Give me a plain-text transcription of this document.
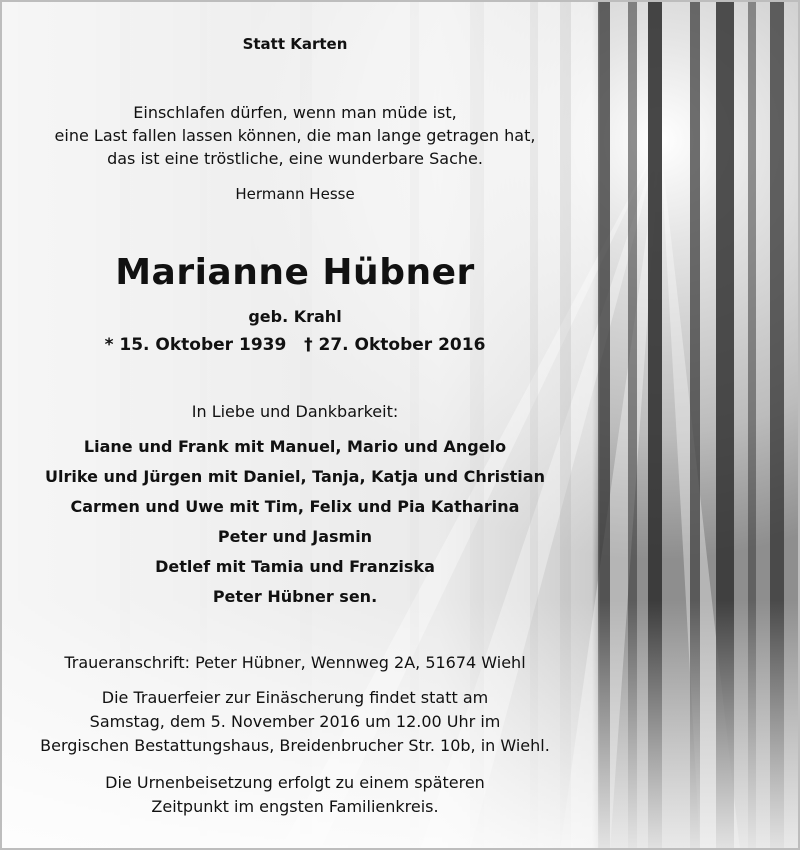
Statt Karten
Einschlafen dürfen, wenn man müde ist,
eine Last fallen lassen können, die man lange getragen hat,
das ist eine tröstliche, eine wunderbare Sache.
Hermann Hesse
Marianne Hübner
geb. Krahl
* 15. Oktober 1939 † 27. Oktober 2016
In Liebe und Dankbarkeit:
Liane und Frank mit Manuel, Mario und Angelo
Ulrike und Jürgen mit Daniel, Tanja, Katja und Christian
Carmen und Uwe mit Tim, Felix und Pia Katharina
Peter und Jasmin
Detlef mit Tamia und Franziska
Peter Hübner sen.
Traueranschrift: Peter Hübner, Wennweg 2A, 51674 Wiehl
Die Trauerfeier zur Einäscherung findet statt am
Samstag, dem 5. November 2016 um 12.00 Uhr im
Bergischen Bestattungshaus, Breidenbrucher Str. 10b, in Wiehl.
Die Urnenbeisetzung erfolgt zu einem späteren
Zeitpunkt im engsten Familienkreis.
